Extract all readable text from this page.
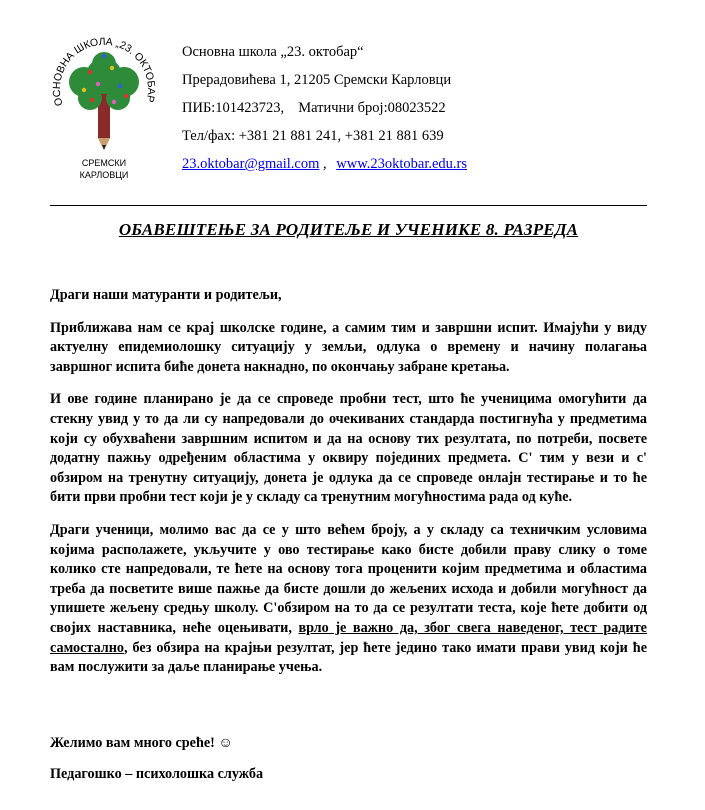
ОСНОВНА ШКОЛА „23. ОКТОБАР
СРЕМСКИ
КАРЛОВЦИ
Основна школа „23. октобар“
Прерадовићева 1, 21205 Сремски Карловци
ПИБ:101423723, Матични број:08023522
Тел/фах: +381 21 881 241, +381 21 881 639
23.oktobar@gmail.com , www.23oktobar.edu.rs
ОБАВЕШТЕЊЕ ЗА РОДИТЕЉЕ И УЧЕНИКЕ 8. РАЗРЕДА

Драги наши матуранти и родитељи,

Приближава нам се крај школске године, а самим тим и завршни испит. Имајући у виду актуелну епидемиолошку ситуацију у земљи, одлука о времену и начину полагања завршног испита биће донета накнадно, по окончању забране кретања.

И ове године планирано је да се спроведе пробни тест, што ће ученицима омогућити да стекну увид у то да ли су напредовали до очекиваних стандарда постигнућа у предметима који су обухваћени завршним испитом и да на основу тих резултата, по потреби, посвете додатну пажњу одређеним областима у оквиру појединих предмета. С' тим у вези и с' обзиром на тренутну ситуацију, донета је одлука да се спроведе онлајн тестирање и то ће бити први пробни тест који је у складу са тренутним могућностима рада од куће.

Драги ученици, молимо вас да се у што већем броју, а у складу са техничким условима којима располажете, укључите у ово тестирање како бисте добили праву слику о томе колико сте напредовали, те ћете на основу тога проценити којим предметима и областима треба да посветите више пажње да бисте дошли до жељених исхода и добили могућност да упишете жељену средњу школу. С'обзиром на то да се резултати теста, које ћете добити од својих наставника, неће оцењивати, врло је важно да, због свега наведеног, тест радите самостално, без обзира на крајњи резултат, јер ћете једино тако имати прави увид који ће вам послужити за даље планирање учења.

Желимо вам много среће! ☺
Педагошко – психолошка служба
